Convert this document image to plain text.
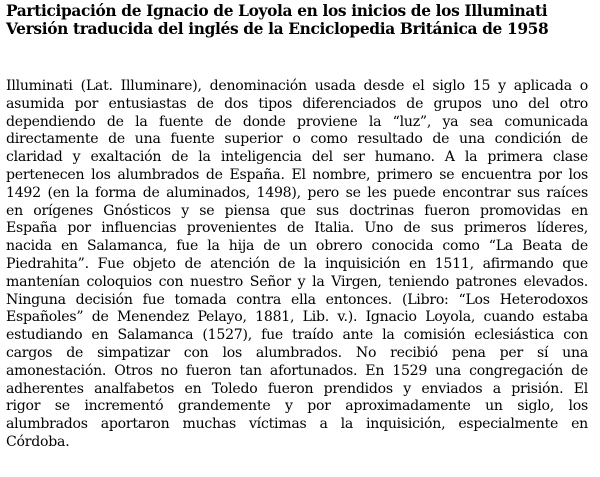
Participación de Ignacio de Loyola en los inicios de los Illuminati
Versión traducida del inglés de la Enciclopedia Británica de 1958
Illuminati (Lat. Illuminare), denominación usada desde el siglo 15 y aplicada o
asumida por entusiastas de dos tipos diferenciados de grupos uno del otro
dependiendo de la fuente de donde proviene la “luz”, ya sea comunicada
directamente de una fuente superior o como resultado de una condición de
claridad y exaltación de la inteligencia del ser humano. A la primera clase
pertenecen los alumbrados de España. El nombre, primero se encuentra por los
1492 (en la forma de aluminados, 1498), pero se les puede encontrar sus raíces
en orígenes Gnósticos y se piensa que sus doctrinas fueron promovidas en
España por influencias provenientes de Italia. Uno de sus primeros líderes,
nacida en Salamanca, fue la hija de un obrero conocida como “La Beata de
Piedrahita”. Fue objeto de atención de la inquisición en 1511, afirmando que
mantenían coloquios con nuestro Señor y la Virgen, teniendo patrones elevados.
Ninguna decisión fue tomada contra ella entonces. (Libro: “Los Heterodoxos
Españoles” de Menendez Pelayo, 1881, Lib. v.). Ignacio Loyola, cuando estaba
estudiando en Salamanca (1527), fue traído ante la comisión eclesiástica con
cargos de simpatizar con los alumbrados. No recibió pena per sí una
amonestación. Otros no fueron tan afortunados. En 1529 una congregación de
adherentes analfabetos en Toledo fueron prendidos y enviados a prisión. El
rigor se incrementó grandemente y por aproximadamente un siglo, los
alumbrados aportaron muchas víctimas a la inquisición, especialmente en
Córdoba.
